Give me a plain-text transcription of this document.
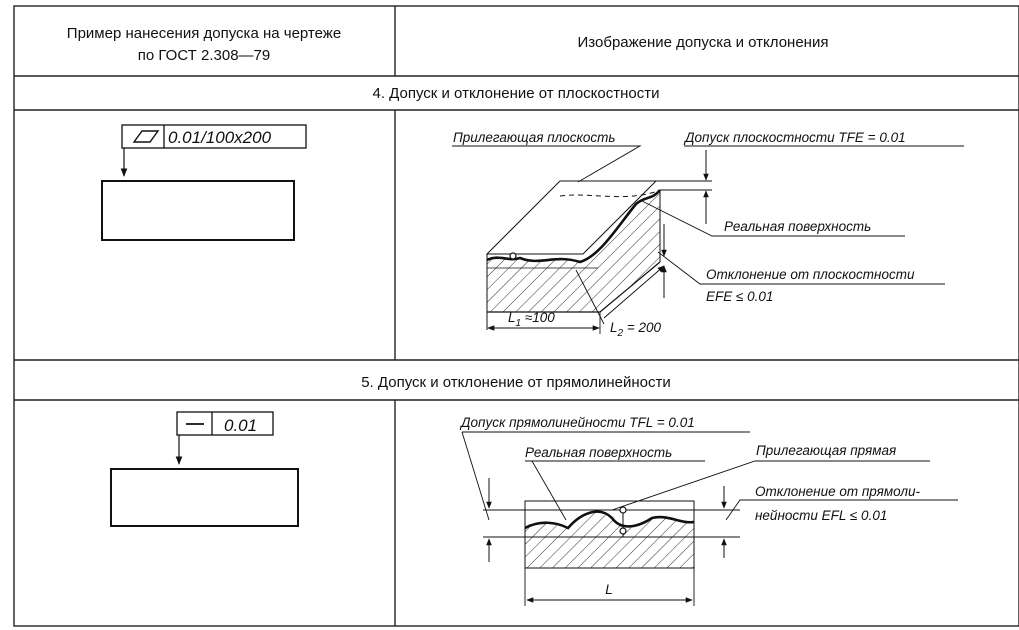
Пример нанесения допуска на чертеже
по ГОСТ 2.308—79
Изображение допуска и отклонения
4. Допуск и отклонение от плоскостности
0.01/100x200	Прилегающая плоскость	Допуск плоскостности TFE = 0.01
Реальная поверхность
Отклонение от плоскостности
EFE ≤ 0.01
$L_1 \approx 100$
$L_2 = 200$
5. Допуск и отклонение от прямолинейности
0.01	Допуск прямолинейности TFL = 0.01
Реальная поверхность	Прилегающая прямая
Отклонение от прямоли-
нейности EFL ≤ 0.01
L
